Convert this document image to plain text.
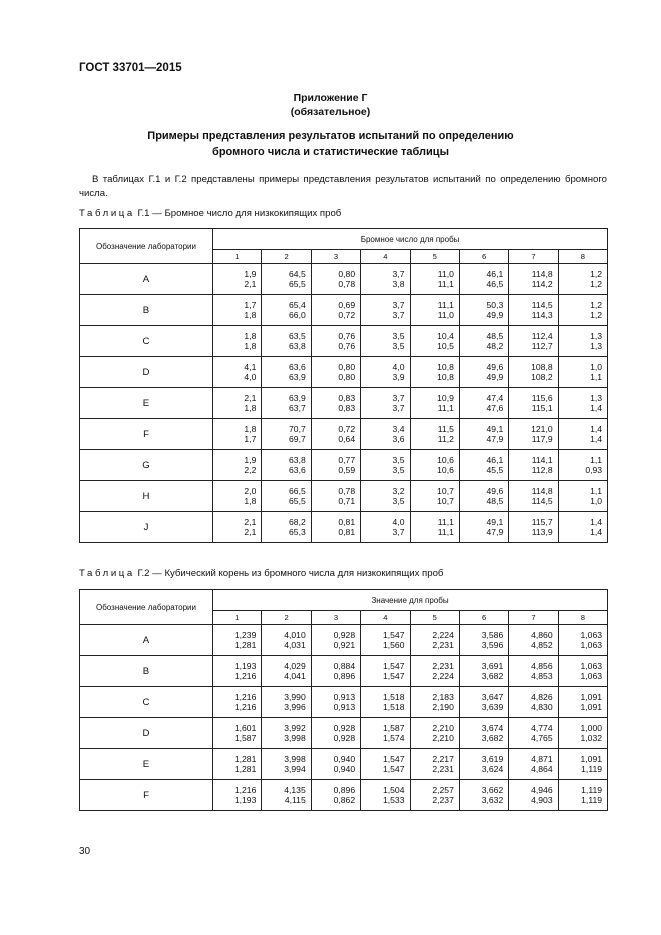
ГОСТ 33701—2015
Приложение Г
(обязательное)
Примеры представления результатов испытаний по определению
бромного числа и статистические таблицы
В таблицах Г.1 и Г.2 представлены примеры представления результатов испытаний по определению бромного числа.
Таблица Г.1 — Бромное число для низкокипящих проб
Обозначение лаборатории	Бромное число для пробы							
	1	2	3	4	5	6	7	8
A	1,9	64,5	0,80	3,7	11,0	46,1	114,8	1,2
	2,1	65,5	0,78	3,8	11,1	46,5	114,2	1,2
B	1,7	65,4	0,69	3,7	11,1	50,3	114,5	1,2
	1,8	66,0	0,72	3,7	11,0	49,9	114,3	1,2
C	1,8	63,5	0,76	3,5	10,4	48,5	112,4	1,3
	1,8	63,8	0,76	3,5	10,5	48,2	112,7	1,3
D	4,1	63,6	0,80	4,0	10,8	49,6	108,8	1,0
	4,0	63,9	0,80	3,9	10,8	49,9	108,2	1,1
E	2,1	63,9	0,83	3,7	10,9	47,4	115,6	1,3
	1,8	63,7	0,83	3,7	11,1	47,6	115,1	1,4
F	1,8	70,7	0,72	3,4	11,5	49,1	121,0	1,4
	1,7	69,7	0,64	3,6	11,2	47,9	117,9	1,4
G	1,9	63,8	0,77	3,5	10,6	46,1	114,1	1,1
	2,2	63,6	0,59	3,5	10,6	45,5	112,8	0,93
H	2,0	66,5	0,78	3,2	10,7	49,6	114,8	1,1
	1,8	65,5	0,71	3,5	10,7	48,5	114,5	1,0
J	2,1	68,2	0,81	4,0	11,1	49,1	115,7	1,4
	2,1	65,3	0,81	3,7	11,1	47,9	113,9	1,4
Таблица Г.2 — Кубический корень из бромного числа для низкокипящих проб
Обозначение лаборатории	Значение для пробы							
	1	2	3	4	5	6	7	8
A	1,239	4,010	0,928	1,547	2,224	3,586	4,860	1,063
	1,281	4,031	0,921	1,560	2,231	3,596	4,852	1,063
B	1,193	4,029	0,884	1,547	2,231	3,691	4,856	1,063
	1,216	4,041	0,896	1,547	2,224	3,682	4,853	1,063
C	1,216	3,990	0,913	1,518	2,183	3,647	4,826	1,091
	1,216	3,996	0,913	1,518	2,190	3,639	4,830	1,091
D	1,601	3,992	0,928	1,587	2,210	3,674	4,774	1,000
	1,587	3,998	0,928	1,574	2,210	3,682	4,765	1,032
E	1,281	3,998	0,940	1,547	2,217	3,619	4,871	1,091
	1,281	3,994	0,940	1,547	2,231	3,624	4,864	1,119
F	1,216	4,135	0,896	1,504	2,257	3,662	4,946	1,119
	1,193	4,115	0,862	1,533	2,237	3,632	4,903	1,119
30
